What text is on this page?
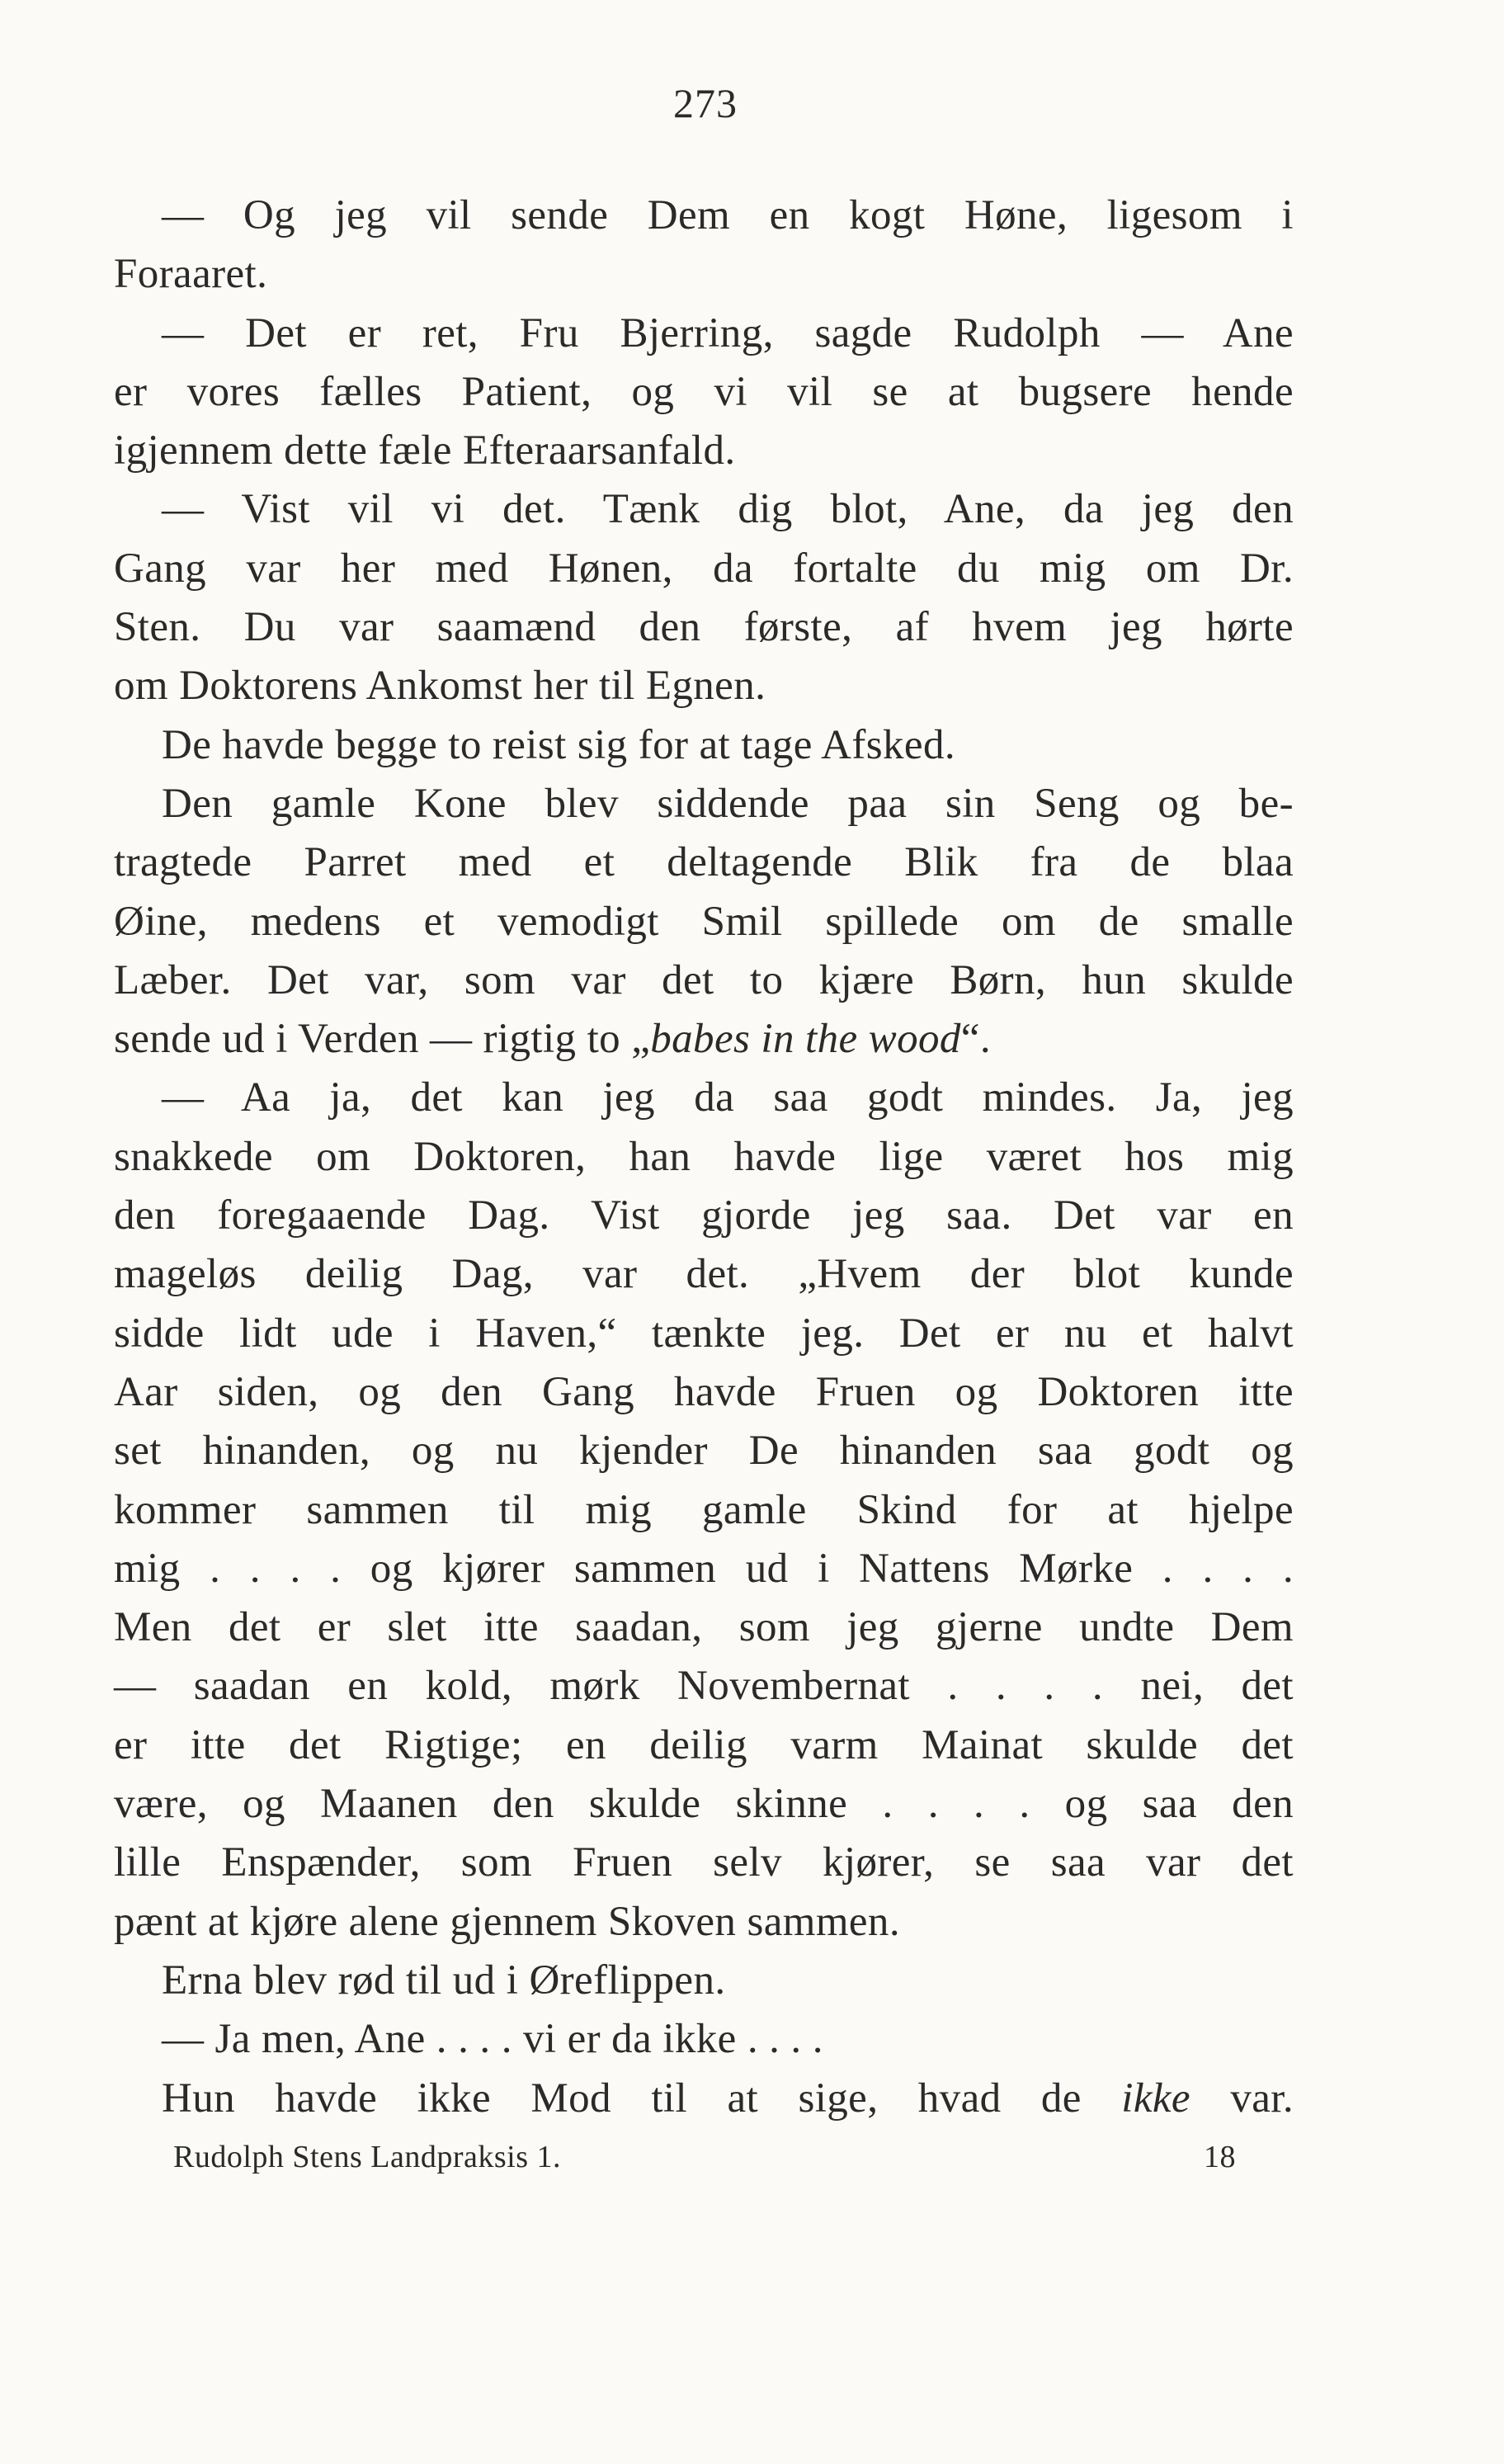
273
— Og jeg vil sende Dem en kogt Høne, ligesom i
Foraaret.
— Det er ret, Fru Bjerring, sagde Rudolph — Ane
er vores fælles Patient, og vi vil se at bugsere hende
igjennem dette fæle Efteraarsanfald.
— Vist vil vi det. Tænk dig blot, Ane, da jeg den
Gang var her med Hønen, da fortalte du mig om Dr.
Sten. Du var saamænd den første, af hvem jeg hørte
om Doktorens Ankomst her til Egnen.
De havde begge to reist sig for at tage Afsked.
Den gamle Kone blev siddende paa sin Seng og be-
tragtede Parret med et deltagende Blik fra de blaa
Øine, medens et vemodigt Smil spillede om de smalle
Læber. Det var, som var det to kjære Børn, hun skulde
sende ud i Verden — rigtig to „babes in the wood“.
— Aa ja, det kan jeg da saa godt mindes. Ja, jeg
snakkede om Doktoren, han havde lige været hos mig
den foregaaende Dag. Vist gjorde jeg saa. Det var en
mageløs deilig Dag, var det. „Hvem der blot kunde
sidde lidt ude i Haven,“ tænkte jeg. Det er nu et halvt
Aar siden, og den Gang havde Fruen og Doktoren itte
set hinanden, og nu kjender De hinanden saa godt og
kommer sammen til mig gamle Skind for at hjelpe
mig . . . . og kjører sammen ud i Nattens Mørke . . . .
Men det er slet itte saadan, som jeg gjerne undte Dem
— saadan en kold, mørk Novembernat . . . . nei, det
er itte det Rigtige; en deilig varm Mainat skulde det
være, og Maanen den skulde skinne . . . . og saa den
lille Enspænder, som Fruen selv kjører, se saa var det
pænt at kjøre alene gjennem Skoven sammen.
Erna blev rød til ud i Øreflippen.
— Ja men, Ane . . . . vi er da ikke . . . .
Hun havde ikke Mod til at sige, hvad de ikke var.
Rudolph Stens Landpraksis 1.	18
